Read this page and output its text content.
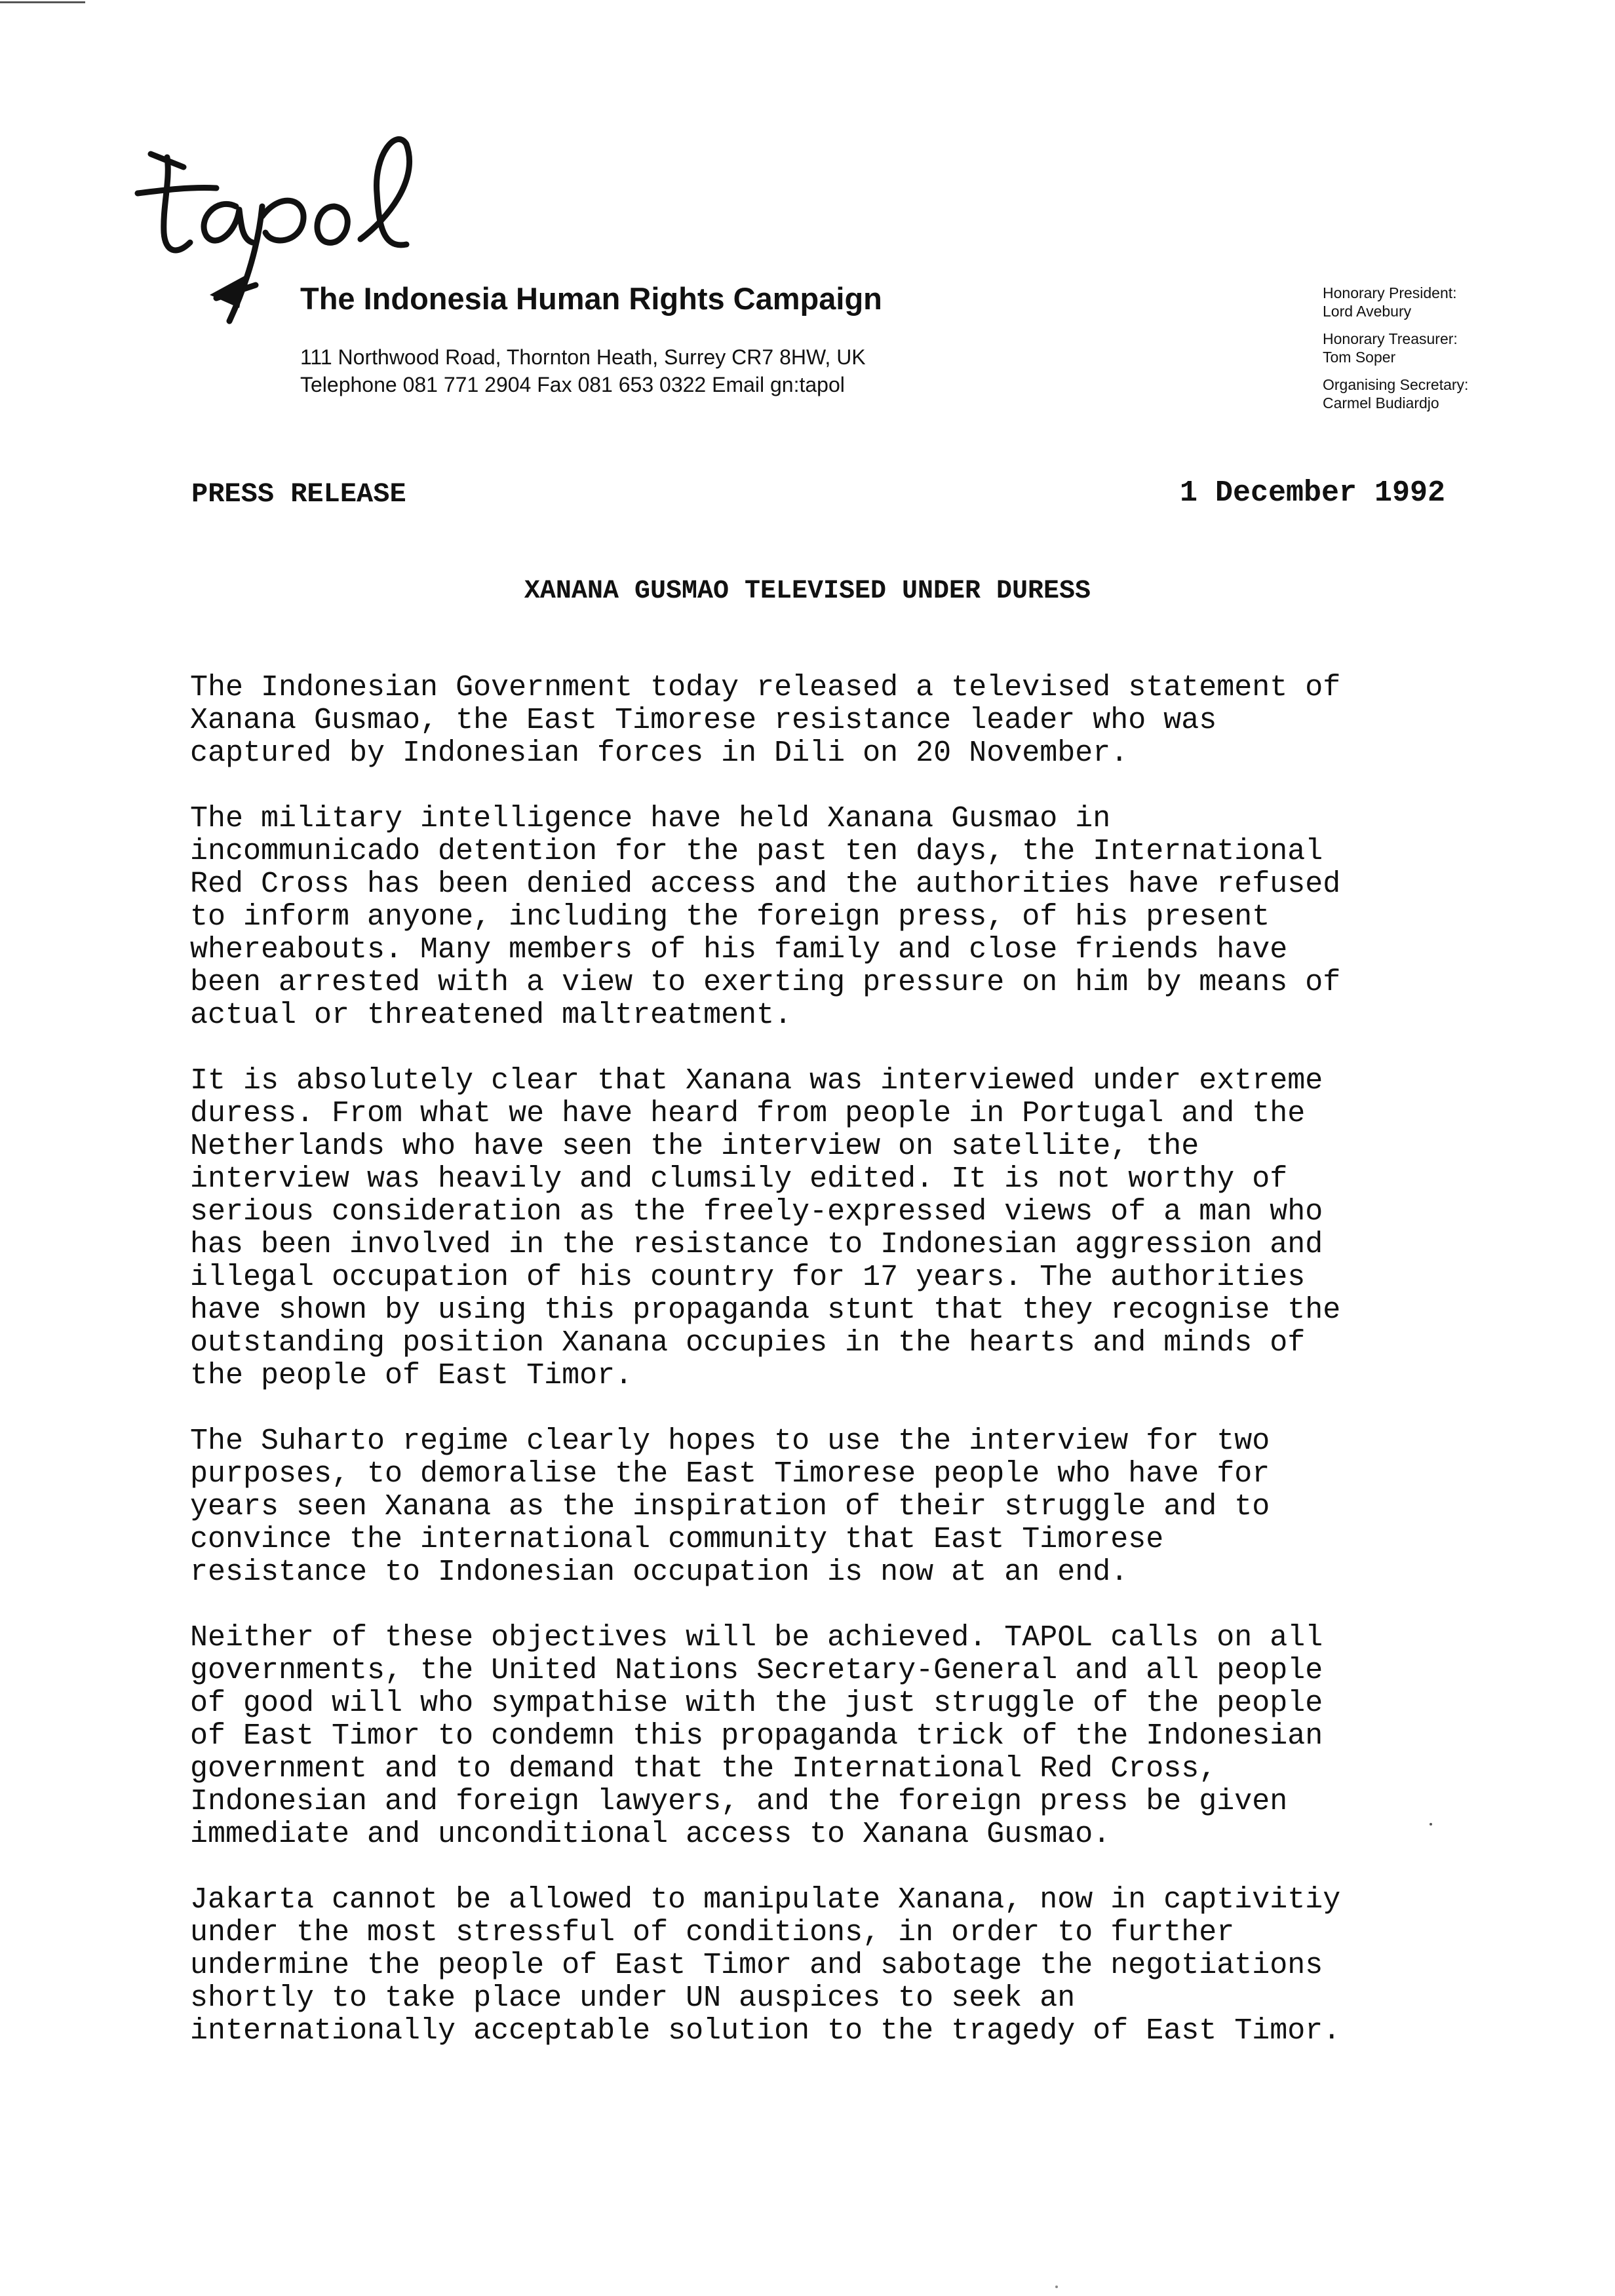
The Indonesia Human Rights Campaign
111 Northwood Road, Thornton Heath, Surrey CR7 8HW, UK
Telephone 081 771 2904 Fax 081 653 0322 Email gn:tapol
Honorary President:
Lord Avebury
Honorary Treasurer:
Tom Soper
Organising Secretary:
Carmel Budiardjo
PRESS RELEASE	1 December 1992
XANANA GUSMAO TELEVISED UNDER DURESS
The Indonesian Government today released a televised statement of
Xanana Gusmao, the East Timorese resistance leader who was
captured by Indonesian forces in Dili on 20 November.
The military intelligence have held Xanana Gusmao in
incommunicado detention for the past ten days, the International
Red Cross has been denied access and the authorities have refused
to inform anyone, including the foreign press, of his present
whereabouts. Many members of his family and close friends have
been arrested with a view to exerting pressure on him by means of
actual or threatened maltreatment.
It is absolutely clear that Xanana was interviewed under extreme
duress. From what we have heard from people in Portugal and the
Netherlands who have seen the interview on satellite, the
interview was heavily and clumsily edited. It is not worthy of
serious consideration as the freely-expressed views of a man who
has been involved in the resistance to Indonesian aggression and
illegal occupation of his country for 17 years. The authorities
have shown by using this propaganda stunt that they recognise the
outstanding position Xanana occupies in the hearts and minds of
the people of East Timor.
The Suharto regime clearly hopes to use the interview for two
purposes, to demoralise the East Timorese people who have for
years seen Xanana as the inspiration of their struggle and to
convince the international community that East Timorese
resistance to Indonesian occupation is now at an end.
Neither of these objectives will be achieved. TAPOL calls on all
governments, the United Nations Secretary-General and all people
of good will who sympathise with the just struggle of the people
of East Timor to condemn this propaganda trick of the Indonesian
government and to demand that the International Red Cross,
Indonesian and foreign lawyers, and the foreign press be given
immediate and unconditional access to Xanana Gusmao.
Jakarta cannot be allowed to manipulate Xanana, now in captivitiy
under the most stressful of conditions, in order to further
undermine the people of East Timor and sabotage the negotiations
shortly to take place under UN auspices to seek an
internationally acceptable solution to the tragedy of East Timor.
